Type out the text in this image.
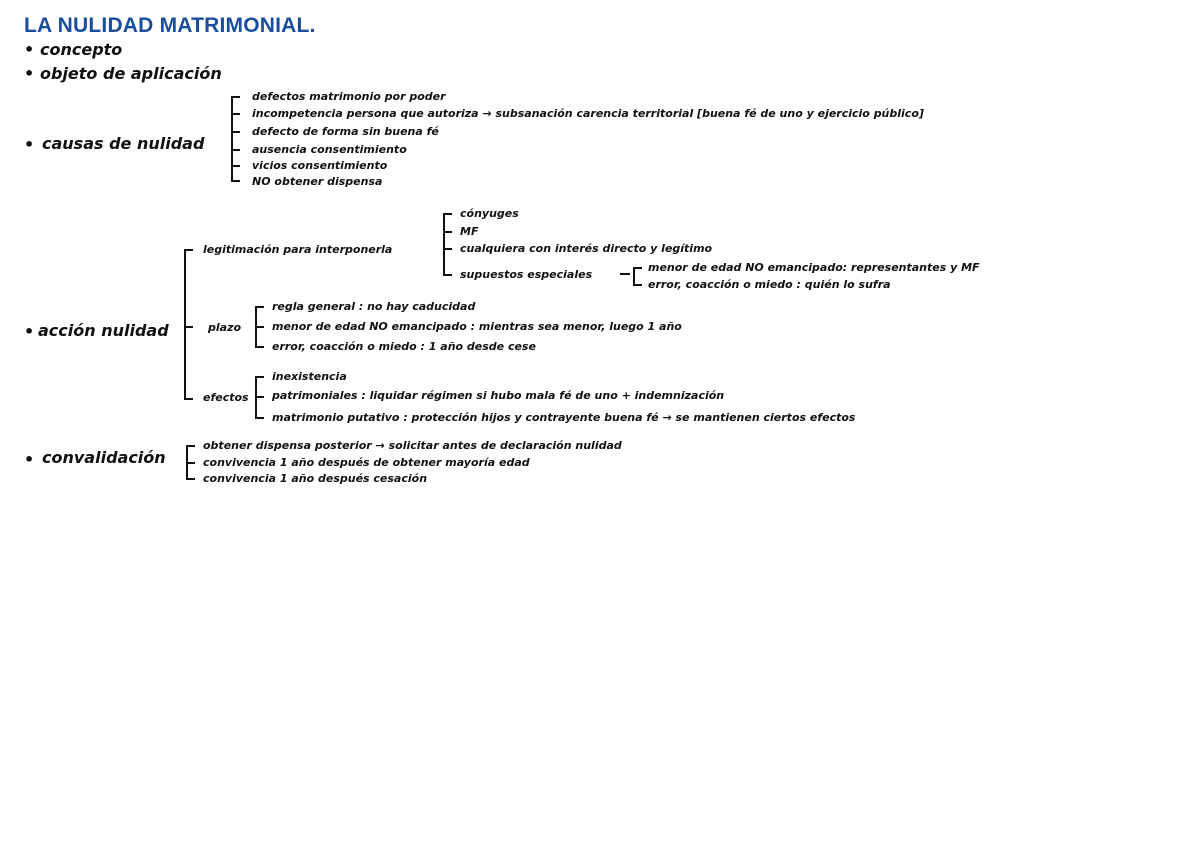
LA NULIDAD MATRIMONIAL.
• concepto
• objeto de aplicación
• causas de nulidad
• acción nulidad
• convalidación
defectos matrimonio por poder
incompetencia persona que autoriza → subsanación carencia territorial [buena fé de uno y ejercicio público]
defecto de forma sin buena fé
ausencia consentimiento
vicios consentimiento
NO obtener dispensa
legitimación para interponerla
cónyuges
MF
cualquiera con interés directo y legítimo
supuestos especiales
menor de edad NO emancipado: representantes y MF
error, coacción o miedo : quién lo sufra
plazo
regla general : no hay caducidad
menor de edad NO emancipado : mientras sea menor, luego 1 año
error, coacción o miedo : 1 año desde cese
efectos
inexistencia
patrimoniales : liquidar régimen si hubo mala fé de uno + indemnización
matrimonio putativo : protección hijos y contrayente buena fé → se mantienen ciertos efectos
obtener dispensa posterior → solicitar antes de declaración nulidad
convivencia 1 año después de obtener mayoría edad
convivencia 1 año después cesación
